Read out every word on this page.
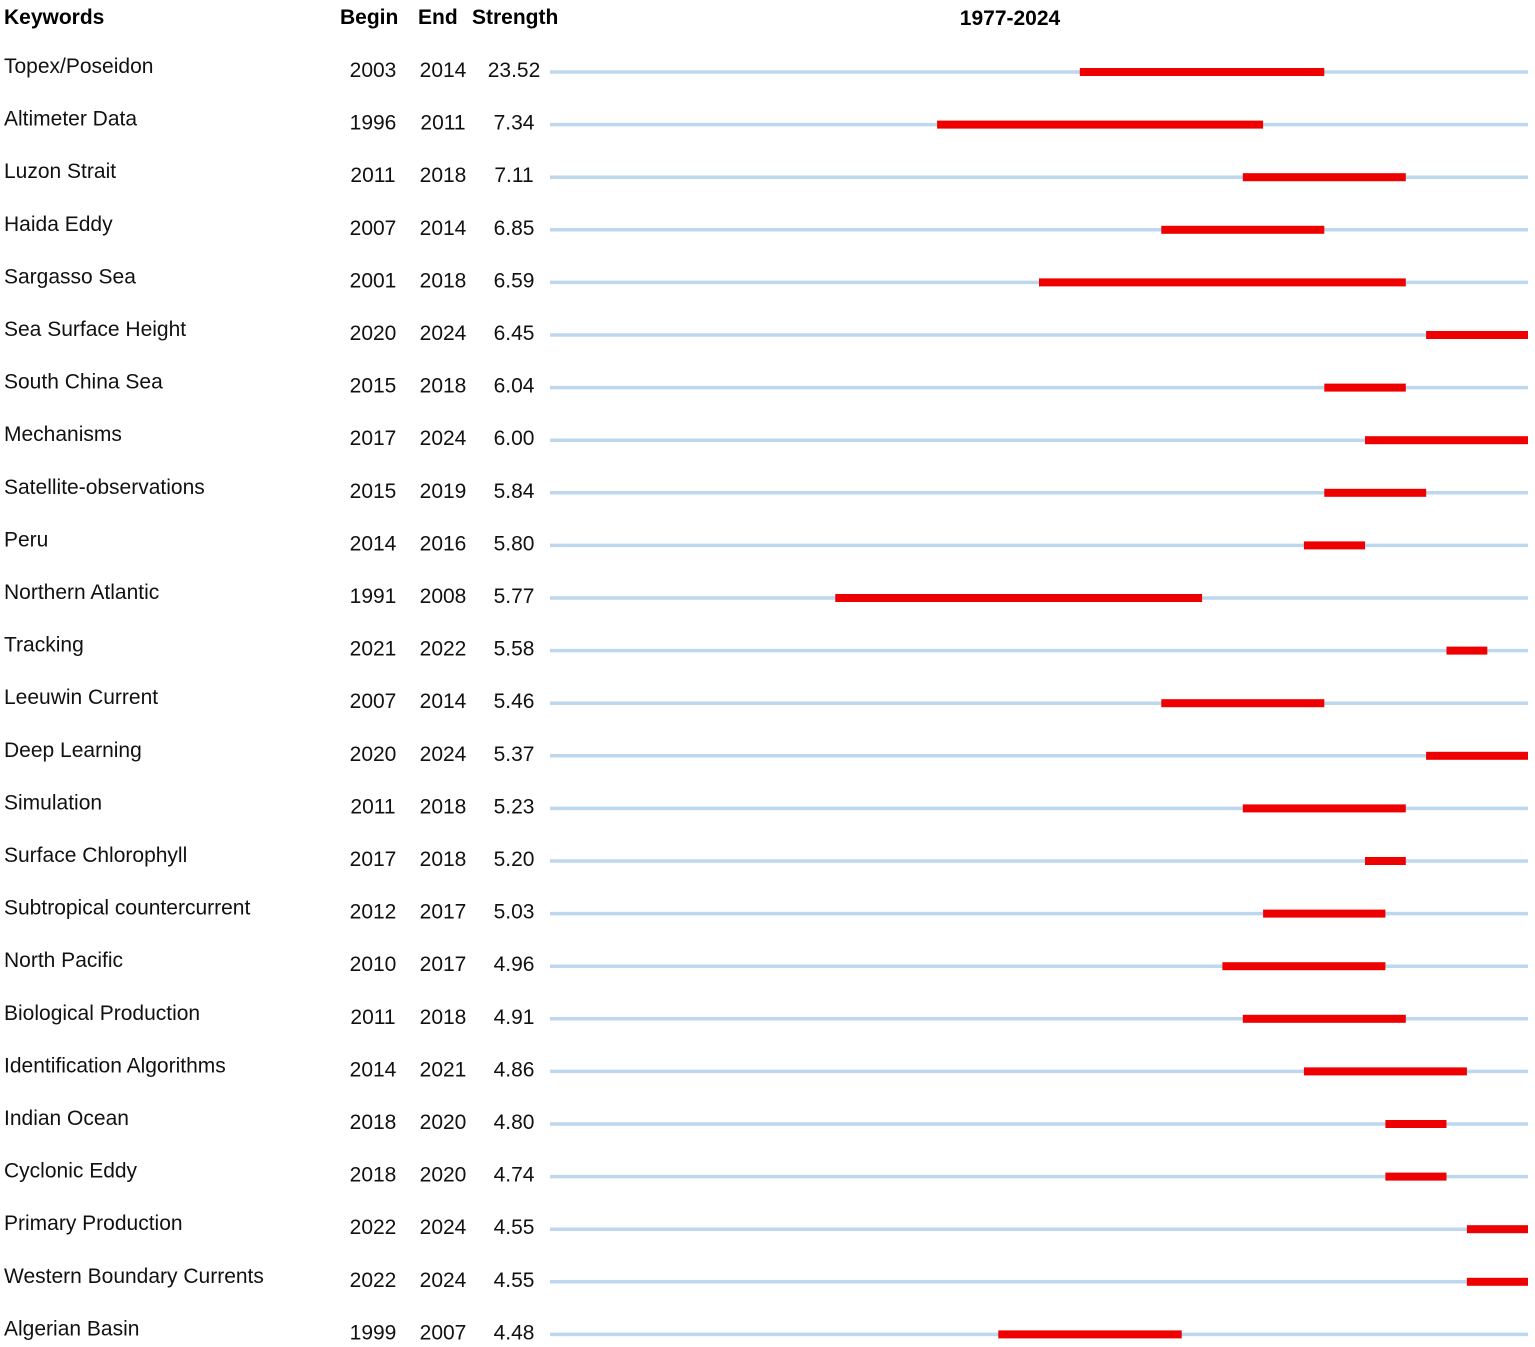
Keywords	Begin End Strength	1977-2024
Topex/Poseidon	2003 2014 23.52
Altimeter Data	1996 2011 7.34
Luzon Strait	2011 2018 7.11
Haida Eddy	2007 2014 6.85
Sargasso Sea	2001 2018 6.59
Sea Surface Height	2020 2024 6.45
South China Sea	2015 2018 6.04
Mechanisms	2017 2024 6.00
Satellite-observations	2015 2019 5.84
Peru	2014 2016 5.80
Northern Atlantic	1991 2008 5.77
Tracking	2021 2022 5.58
Leeuwin Current	2007 2014 5.46
Deep Learning	2020 2024 5.37
Simulation	2011 2018 5.23
Surface Chlorophyll	2017 2018 5.20
Subtropical countercurrent	2012 2017 5.03
North Pacific	2010 2017 4.96
Biological Production	2011 2018 4.91
Identification Algorithms	2014 2021 4.86
Indian Ocean	2018 2020 4.80
Cyclonic Eddy	2018 2020 4.74
Primary Production	2022 2024 4.55
Western Boundary Currents	2022 2024 4.55
Algerian Basin	1999 2007 4.48
